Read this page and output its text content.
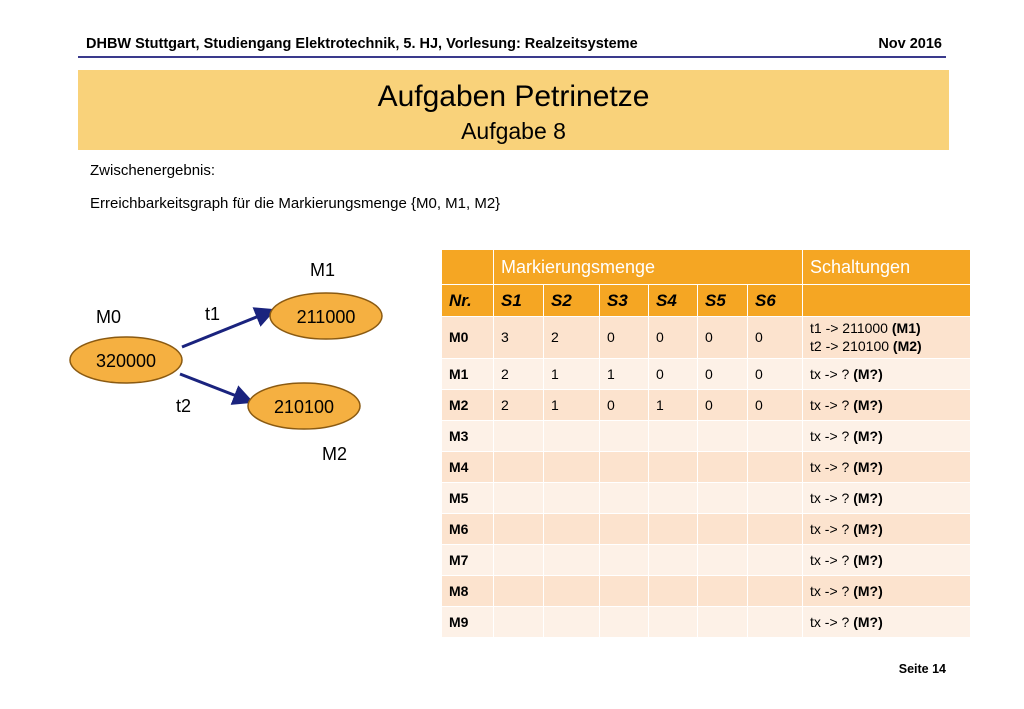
DHBW Stuttgart, Studiengang Elektrotechnik, 5. HJ, Vorlesung: Realzeitsysteme	Nov 2016
Aufgaben Petrinetze
Aufgabe 8
Zwischenergebnis:
Erreichbarkeitsgraph für die Markierungsmenge {M0, M1, M2}
320000
211000
210100
M0
M1
M2
t1
t2
	Markierungsmenge						Schaltungen
Nr.	S1	S2	S3	S4	S5	S6	
M0	3	2	0	0	0	0	t1 -> 211000 (M1)
t2 -> 210100 (M2)

M1	2	1	1	0	0	0	tx -> ? (M?)

M2	2	1	0	1	0	0	tx -> ? (M?)

M3							tx -> ? (M?)

M4							tx -> ? (M?)

M5							tx -> ? (M?)

M6							tx -> ? (M?)

M7							tx -> ? (M?)

M8							tx -> ? (M?)

M9							tx -> ? (M?)
Seite 14
